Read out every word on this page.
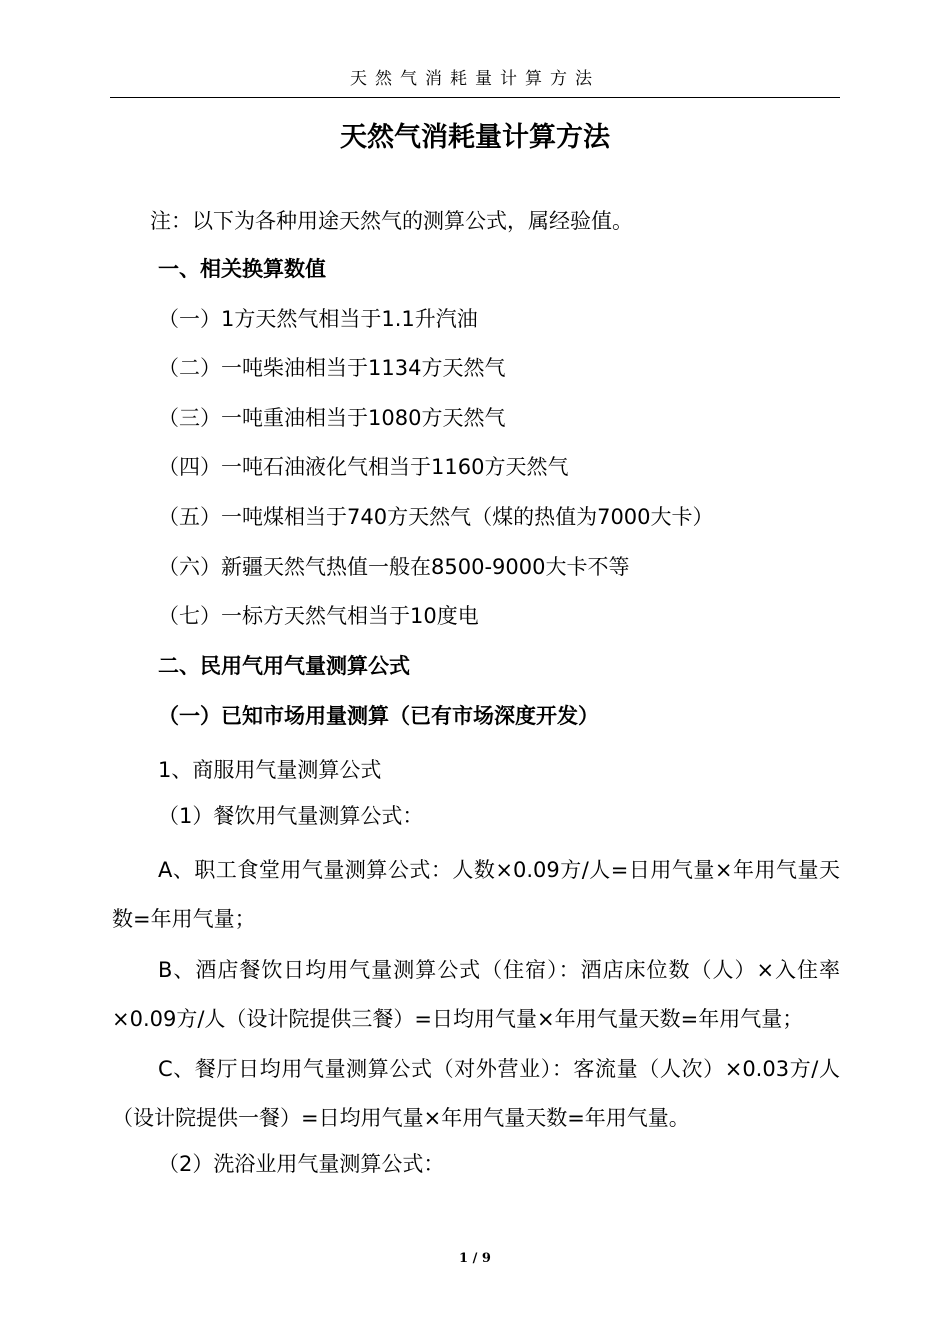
天然气消耗量计算方法
天然气消耗量计算方法
注：以下为各种用途天然气的测算公式，属经验值。
一、相关换算数值
（一）1方天然气相当于1.1升汽油
（二）一吨柴油相当于1134方天然气
（三）一吨重油相当于1080方天然气
（四）一吨石油液化气相当于1160方天然气
（五）一吨煤相当于740方天然气（煤的热值为7000大卡）
（六）新疆天然气热值一般在8500-9000大卡不等
（七）一标方天然气相当于10度电
二、民用气用气量测算公式
（一）已知市场用量测算（已有市场深度开发）
1、商服用气量测算公式
（1）餐饮用气量测算公式：
A、职工食堂用气量测算公式：人数×0.09方/人=日用气量×年用气量天数=年用气量；
B、酒店餐饮日均用气量测算公式（住宿）：酒店床位数（人）×入住率×0.09方/人（设计院提供三餐）=日均用气量×年用气量天数=年用气量；
C、餐厅日均用气量测算公式（对外营业）：客流量（人次）×0.03方/人（设计院提供一餐）=日均用气量×年用气量天数=年用气量。
（2）洗浴业用气量测算公式：
1 / 9
